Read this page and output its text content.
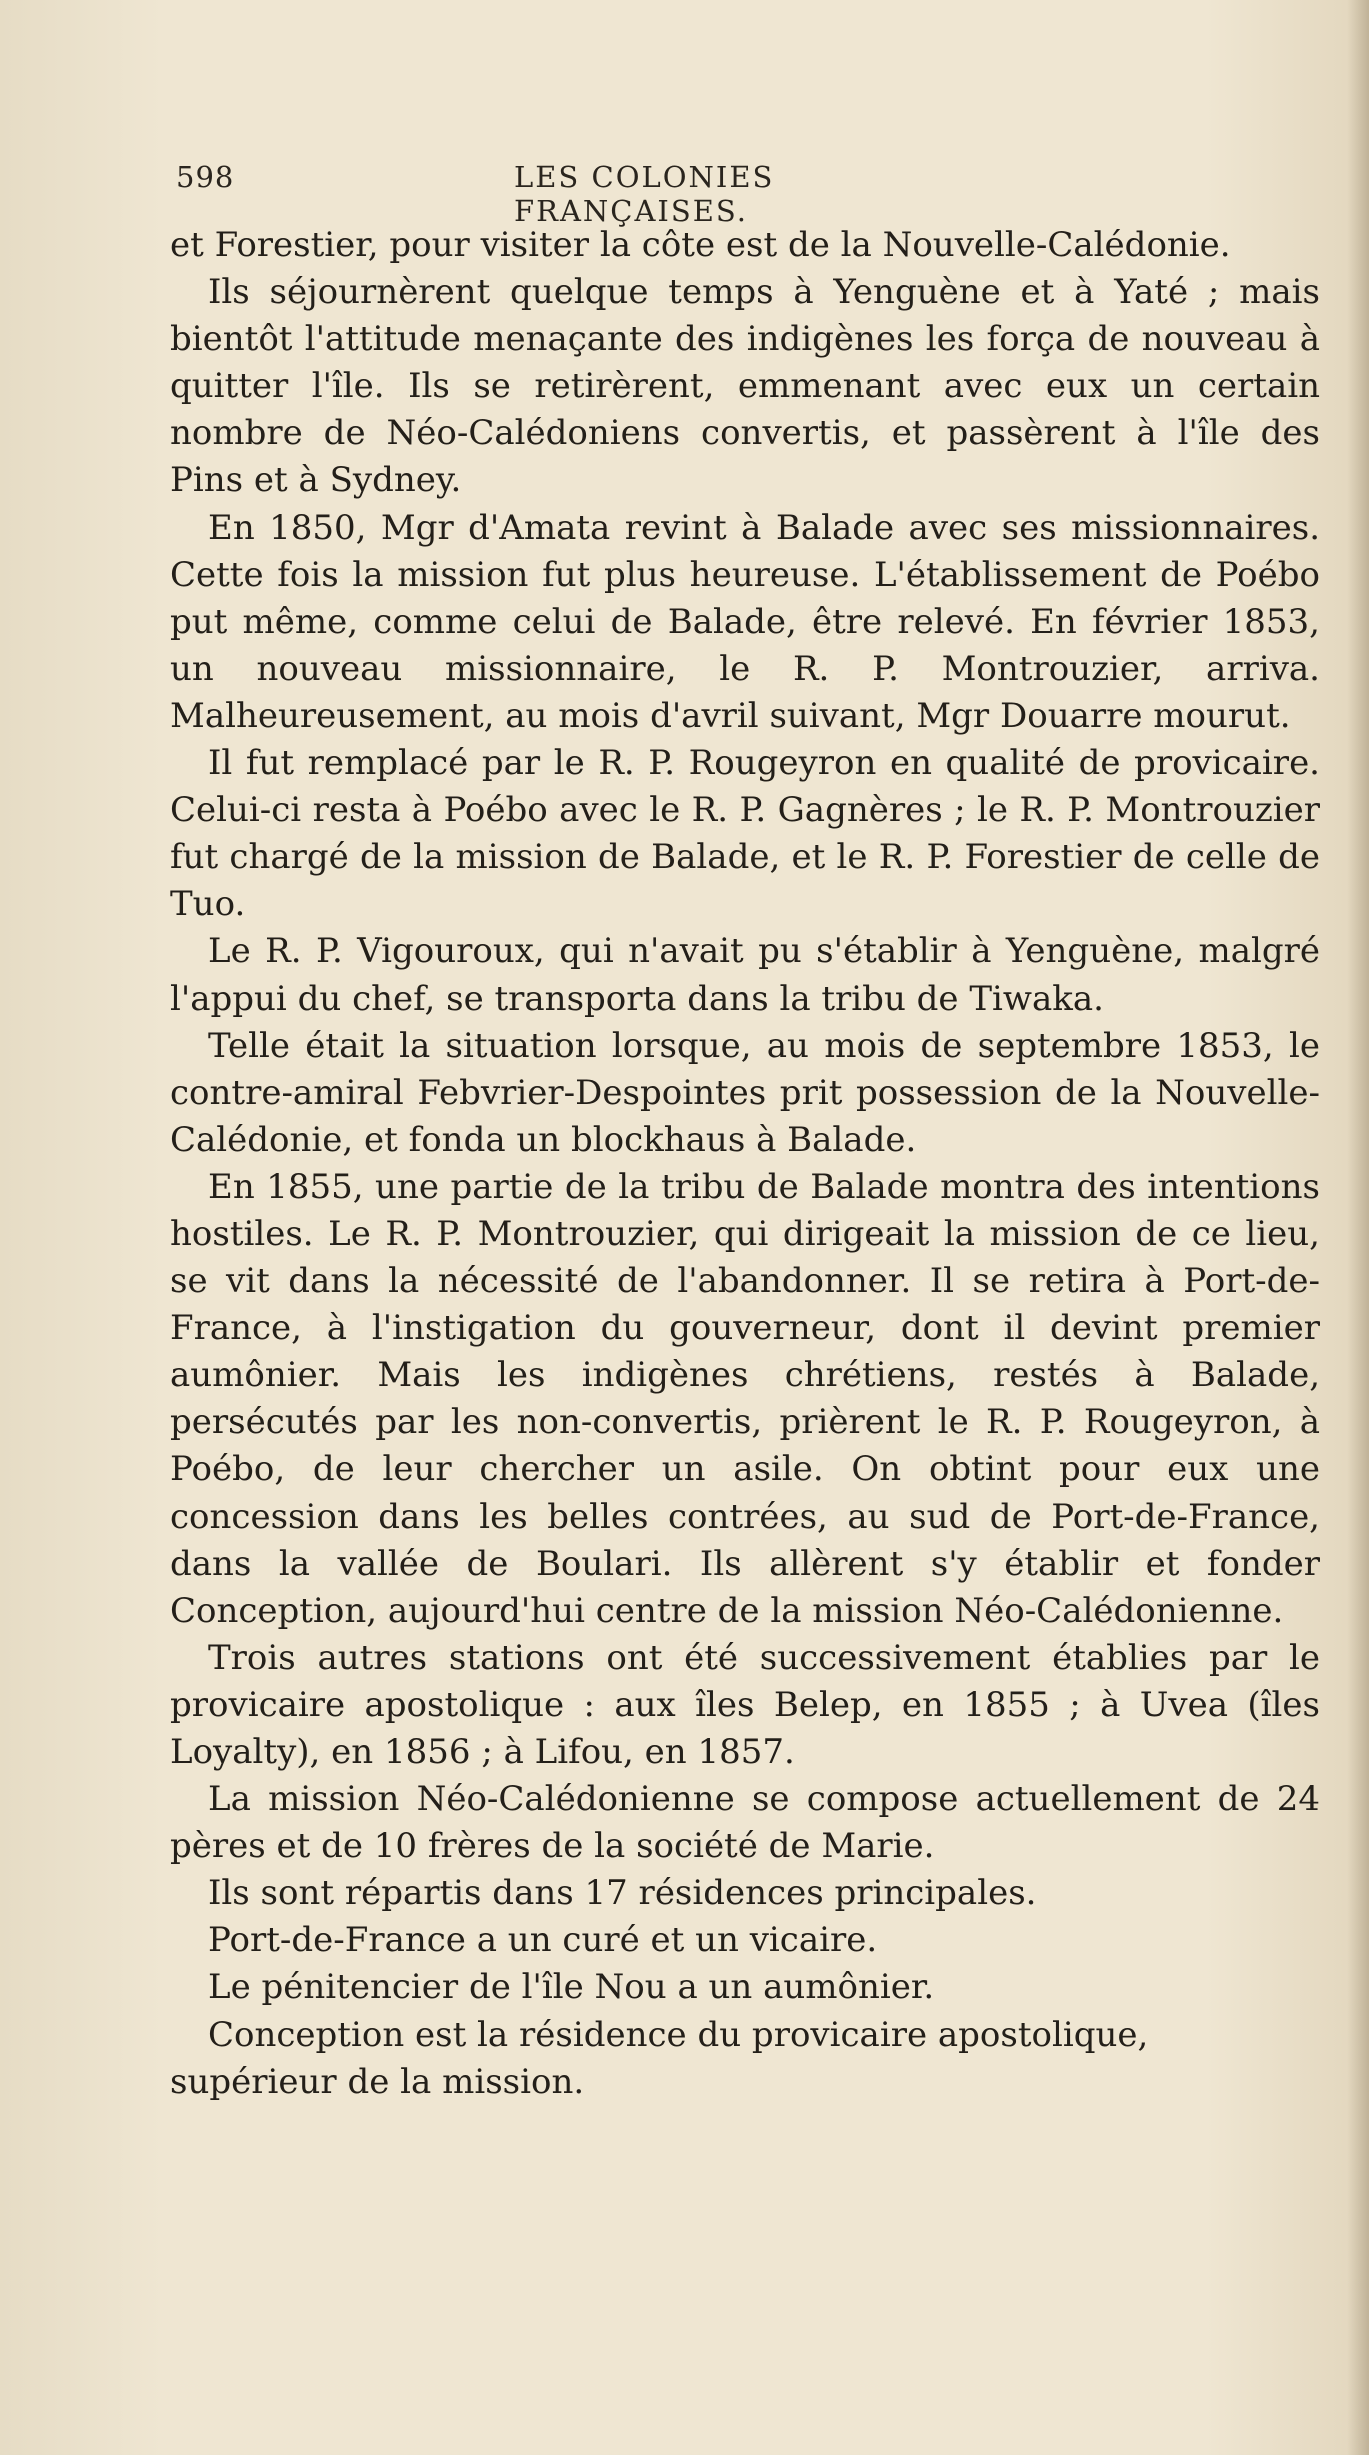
598	LES COLONIES FRANÇAISES.

et Forestier, pour visiter la côte est de la Nouvelle-Calédonie.

Ils séjournèrent quelque temps à Yenguène et à Yaté ; mais bientôt l'attitude menaçante des indigènes les força de nouveau à quitter l'île. Ils se retirèrent, emmenant avec eux un certain nombre de Néo-Calédoniens convertis, et passèrent à l'île des Pins et à Sydney.

En 1850, Mgr d'Amata revint à Balade avec ses missionnaires. Cette fois la mission fut plus heureuse. L'établissement de Poébo put même, comme celui de Balade, être relevé. En février 1853, un nouveau missionnaire, le R. P. Montrouzier, arriva. Malheureusement, au mois d'avril suivant, Mgr Douarre mourut.

Il fut remplacé par le R. P. Rougeyron en qualité de provicaire. Celui-ci resta à Poébo avec le R. P. Gagnères ; le R. P. Montrouzier fut chargé de la mission de Balade, et le R. P. Forestier de celle de Tuo.

Le R. P. Vigouroux, qui n'avait pu s'établir à Yenguène, malgré l'appui du chef, se transporta dans la tribu de Tiwaka.

Telle était la situation lorsque, au mois de septembre 1853, le contre-amiral Febvrier-Despointes prit possession de la Nouvelle-Calédonie, et fonda un blockhaus à Balade.

En 1855, une partie de la tribu de Balade montra des intentions hostiles. Le R. P. Montrouzier, qui dirigeait la mission de ce lieu, se vit dans la nécessité de l'abandonner. Il se retira à Port-de-France, à l'instigation du gouverneur, dont il devint premier aumônier. Mais les indigènes chrétiens, restés à Balade, persécutés par les non-convertis, prièrent le R. P. Rougeyron, à Poébo, de leur chercher un asile. On obtint pour eux une concession dans les belles contrées, au sud de Port-de-France, dans la vallée de Boulari. Ils allèrent s'y établir et fonder Conception, aujourd'hui centre de la mission Néo-Calédonienne.

Trois autres stations ont été successivement établies par le provicaire apostolique : aux îles Belep, en 1855 ; à Uvea (îles Loyalty), en 1856 ; à Lifou, en 1857.

La mission Néo-Calédonienne se compose actuellement de 24 pères et de 10 frères de la société de Marie.

Ils sont répartis dans 17 résidences principales.

Port-de-France a un curé et un vicaire.

Le pénitencier de l'île Nou a un aumônier.

Conception est la résidence du provicaire apostolique, supérieur de la mission.
